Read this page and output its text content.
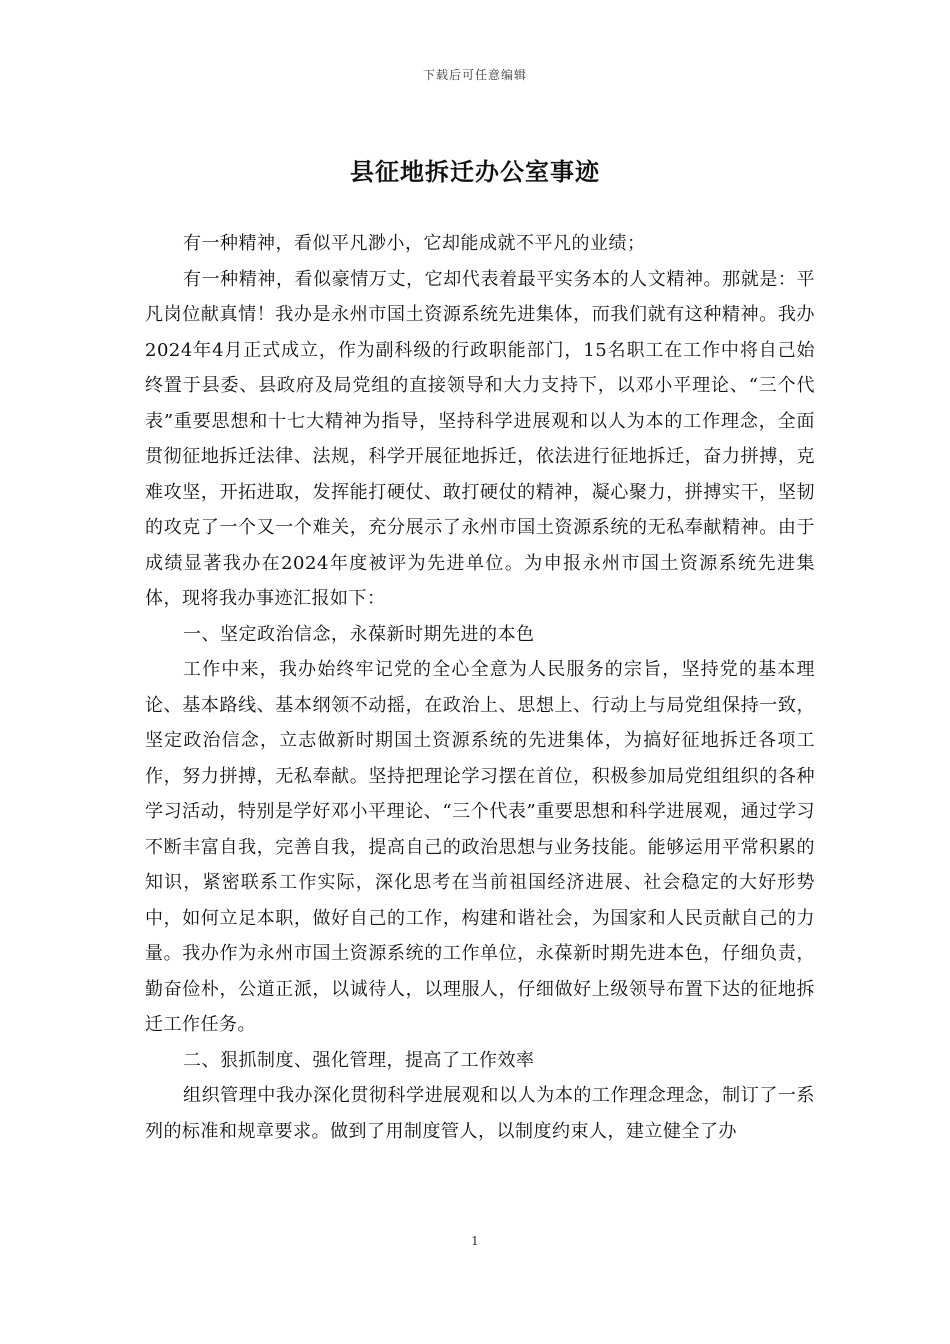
下载后可任意编辑
县征地拆迁办公室事迹

有一种精神，看似平凡渺小，它却能成就不平凡的业绩；

有一种精神，看似豪情万丈，它却代表着最平实务本的人文精神。那就是：平凡岗位献真情！我办是永州市国土资源系统先进集体，而我们就有这种精神。我办2024年4月正式成立，作为副科级的行政职能部门，15名职工在工作中将自己始终置于县委、县政府及局党组的直接领导和大力支持下，以邓小平理论、“三个代表”重要思想和十七大精神为指导，坚持科学进展观和以人为本的工作理念，全面贯彻征地拆迁法律、法规，科学开展征地拆迁，依法进行征地拆迁，奋力拼搏，克难攻坚，开拓进取，发挥能打硬仗、敢打硬仗的精神，凝心聚力，拼搏实干，坚韧的攻克了一个又一个难关，充分展示了永州市国土资源系统的无私奉献精神。由于成绩显著我办在2024年度被评为先进单位。为申报永州市国土资源系统先进集体，现将我办事迹汇报如下：

一、坚定政治信念，永葆新时期先进的本色

工作中来，我办始终牢记党的全心全意为人民服务的宗旨，坚持党的基本理论、基本路线、基本纲领不动摇，在政治上、思想上、行动上与局党组保持一致，坚定政治信念，立志做新时期国土资源系统的先进集体，为搞好征地拆迁各项工作，努力拼搏，无私奉献。坚持把理论学习摆在首位，积极参加局党组组织的各种学习活动，特别是学好邓小平理论、“三个代表”重要思想和科学进展观，通过学习不断丰富自我，完善自我，提高自己的政治思想与业务技能。能够运用平常积累的知识，紧密联系工作实际，深化思考在当前祖国经济进展、社会稳定的大好形势中，如何立足本职，做好自己的工作，构建和谐社会，为国家和人民贡献自己的力量。我办作为永州市国土资源系统的工作单位，永葆新时期先进本色，仔细负责，勤奋俭朴，公道正派，以诚待人，以理服人，仔细做好上级领导布置下达的征地拆迁工作任务。

二、狠抓制度、强化管理，提高了工作效率

组织管理中我办深化贯彻科学进展观和以人为本的工作理念理念，制订了一系列的标准和规章要求。做到了用制度管人，以制度约束人，建立健全了办

1
